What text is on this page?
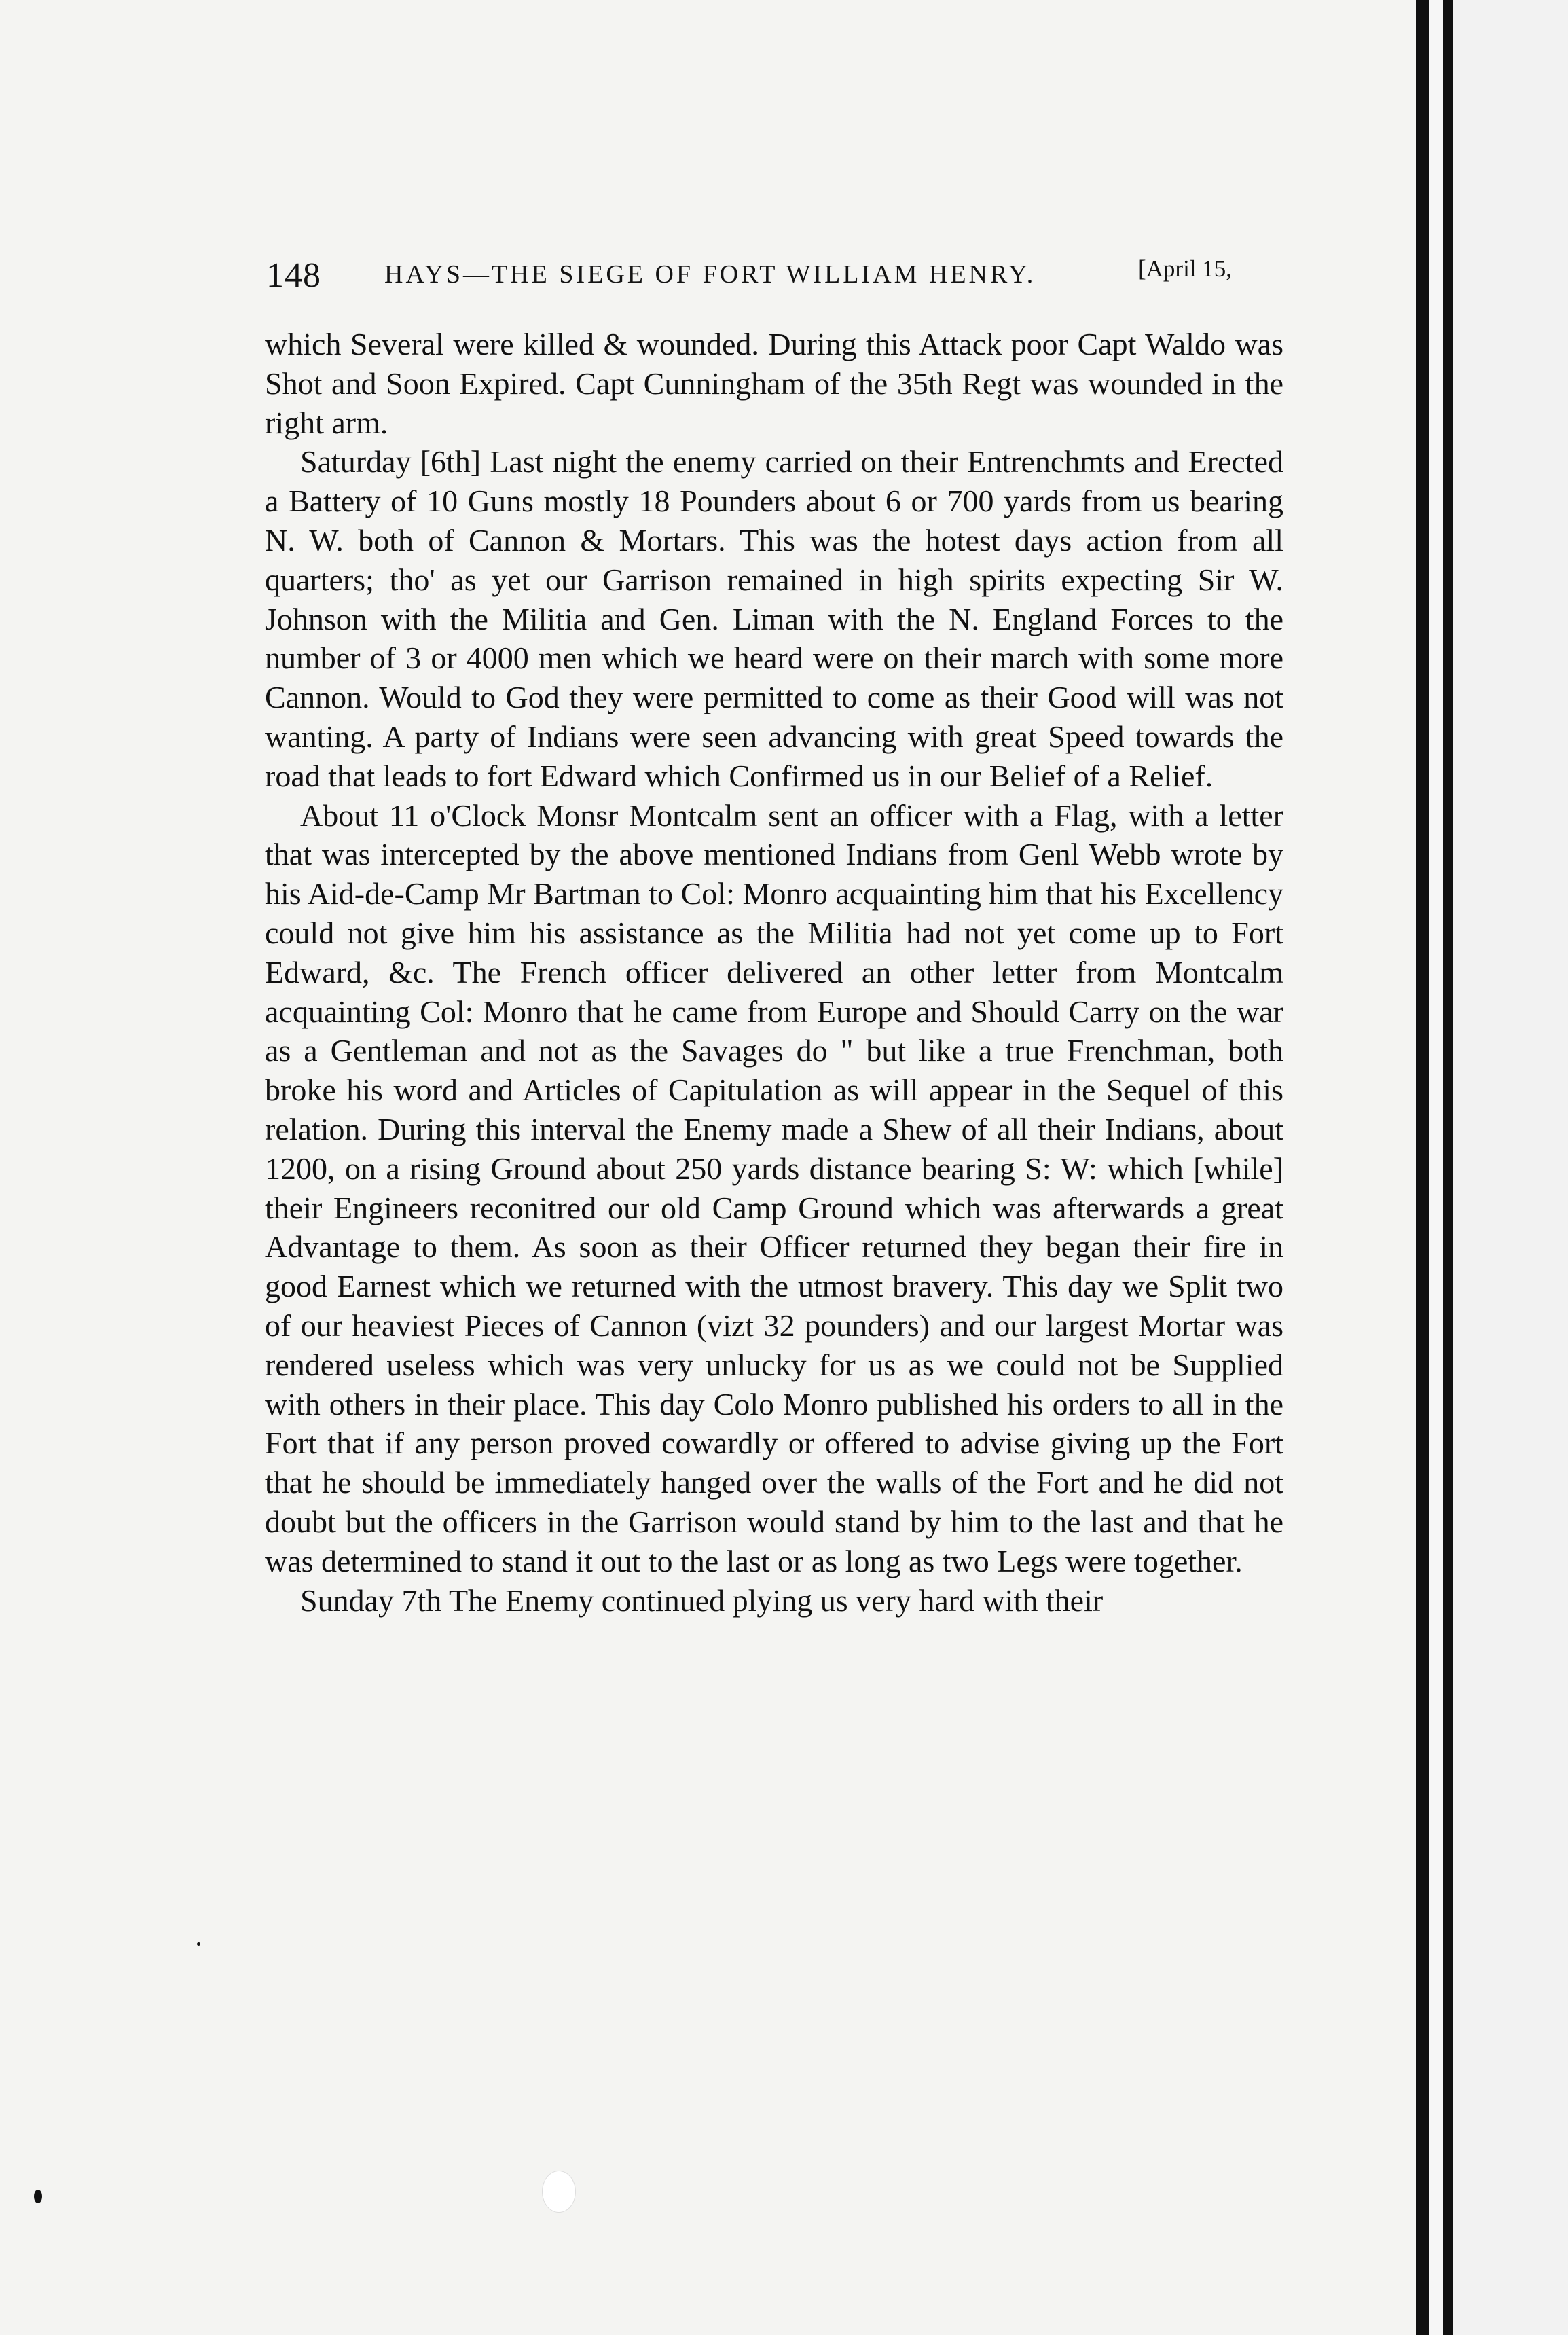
148 HAYS—THE SIEGE OF FORT WILLIAM HENRY.	[April 15,

which Several were killed & wounded. During this Attack poor Capt Waldo was Shot and Soon Expired. Capt Cunningham of the 35th Regt was wounded in the right arm.

Saturday [6th] Last night the enemy carried on their Entrenchmts and Erected a Battery of 10 Guns mostly 18 Pounders about 6 or 700 yards from us bearing N. W. both of Cannon & Mortars. This was the hotest days action from all quarters; tho' as yet our Garrison remained in high spirits expecting Sir W. Johnson with the Militia and Gen. Liman with the N. England Forces to the number of 3 or 4000 men which we heard were on their march with some more Cannon. Would to God they were permitted to come as their Good will was not wanting. A party of Indians were seen advancing with great Speed towards the road that leads to fort Edward which Confirmed us in our Belief of a Relief.

About 11 o'Clock Monsr Montcalm sent an officer with a Flag, with a letter that was intercepted by the above mentioned Indians from Genl Webb wrote by his Aid-de-Camp Mr Bartman to Col: Monro acquainting him that his Excellency could not give him his assistance as the Militia had not yet come up to Fort Edward, &c. The French officer delivered an other letter from Montcalm acquainting Col: Monro that he came from Europe and Should Carry on the war as a Gentleman and not as the Savages do " but like a true Frenchman, both broke his word and Articles of Capitulation as will appear in the Sequel of this relation. During this interval the Enemy made a Shew of all their Indians, about 1200, on a rising Ground about 250 yards distance bearing S: W: which [while] their Engineers reconitred our old Camp Ground which was afterwards a great Advantage to them. As soon as their Officer returned they began their fire in good Earnest which we returned with the utmost bravery. This day we Split two of our heaviest Pieces of Cannon (vizt 32 pounders) and our largest Mortar was rendered useless which was very unlucky for us as we could not be Supplied with others in their place. This day Colo Monro published his orders to all in the Fort that if any person proved cowardly or offered to advise giving up the Fort that he should be immediately hanged over the walls of the Fort and he did not doubt but the officers in the Garrison would stand by him to the last and that he was determined to stand it out to the last or as long as two Legs were together.

Sunday 7th The Enemy continued plying us very hard with their
